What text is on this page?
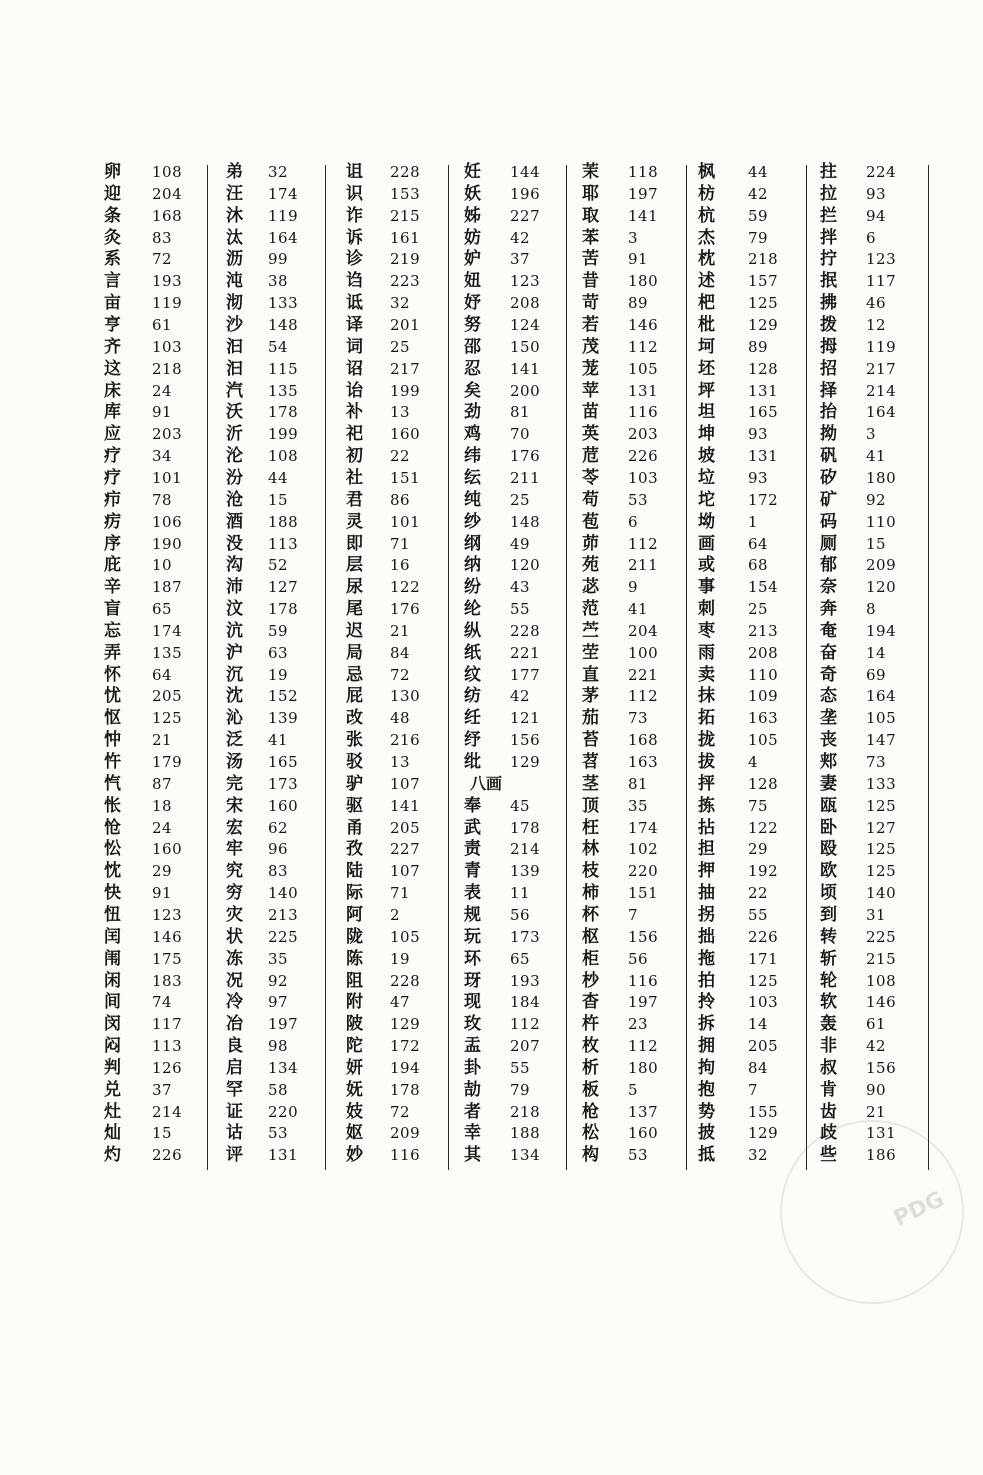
卵 108
迎 204
条 168
灸 83
系 72
言 193
亩 119
亨 61
齐 103
这 218
床 24
库 91
应 203
疗 34
疗 101
疖 78
疠 106
序 190
庇 10
辛 187
盲 65
忘 174
弄 135
怀 64
忧 205
怄 125
忡 21
忤 179
忾 87
怅 18
怆 24
忪 160
忱 29
快 91
忸 123
闰 146
闱 175
闲 183
间 74
闵 117
闷 113
判 126
兑 37
灶 214
灿 15
灼 226
弟 32
汪 174
沐 119
汰 164
沥 99
沌 38
沏 133
沙 148
汩 54
汩 115
汽 135
沃 178
沂 199
沦 108
汾 44
沧 15
酒 188
没 113
沟 52
沛 127
汶 178
沆 59
沪 63
沉 19
沈 152
沁 139
泛 41
汤 165
完 173
宋 160
宏 62
牢 96
究 83
穷 140
灾 213
状 225
冻 35
况 92
冷 97
冶 197
良 98
启 134
罕 58
证 220
诂 53
评 131
诅 228
识 153
诈 215
诉 161
诊 219
诌 223
诋 32
译 201
词 25
诏 217
诒 199
补 13
祀 160
初 22
社 151
君 86
灵 101
即 71
层 16
尿 122
尾 176
迟 21
局 84
忌 72
屁 130
改 48
张 216
驳 13
驴 107
驱 141
甬 205
孜 227
陆 107
际 71
阿 2
陇 105
陈 19
阻 228
附 47
陂 129
陀 172
妍 194
妩 178
妓 72
妪 209
妙 116
妊 144
妖 196
姊 227
妨 42
妒 37
妞 123
妤 208
努 124
邵 150
忍 141
矣 200
劲 81
鸡 70
纬 176
纭 211
纯 25
纱 148
纲 49
纳 120
纷 43
纶 55
纵 228
纸 221
纹 177
纺 42
纴 121
纾 156
纰 129
八画
奉 45
武 178
责 214
青 139
表 11
规 56
玩 173
环 65
玡 193
现 184
玫 112
盂 207
卦 55
劼 79
者 218
幸 188
其 134
茉 118
耶 197
取 141
苯 3
苦 91
昔 180
苛 89
若 146
茂 112
茏 105
苹 131
苗 116
英 203
苊 226
苓 103
苟 53
苞 6
茆 112
苑 211
苾 9
范 41
苎 204
茔 100
直 221
茅 112
茄 73
苔 168
苕 163
茎 81
顶 35
枉 174
林 102
枝 220
柿 151
杯 7
枢 156
柜 56
杪 116
杳 197
杵 23
枚 112
析 180
板 5
枪 137
松 160
构 53
枫 44
枋 42
杭 59
杰 79
枕 218
述 157
杷 125
枇 129
坷 89
坯 128
坪 131
坦 165
坤 93
坡 131
垃 93
坨 172
坳 1
画 64
或 68
事 154
刺 25
枣 213
雨 208
卖 110
抹 109
拓 163
拢 105
拔 4
抨 128
拣 75
拈 122
担 29
押 192
抽 22
拐 55
拙 226
拖 171
拍 125
拎 103
拆 14
拥 205
拘 84
抱 7
势 155
披 129
抵 32
拄 224
拉 93
拦 94
拌 6
拧 123
抿 117
拂 46
拨 12
拇 119
招 217
择 214
抬 164
拗 3
矾 41
矽 180
矿 92
码 110
厕 15
郁 209
奈 120
奔 8
奄 194
奋 14
奇 69
态 164
垄 105
丧 147
郏 73
妻 133
瓯 125
卧 127
殴 125
欧 125
顷 140
到 31
转 225
斩 215
轮 108
软 146
轰 61
非 42
叔 156
肯 90
齿 21
歧 131
些 186
PDG
